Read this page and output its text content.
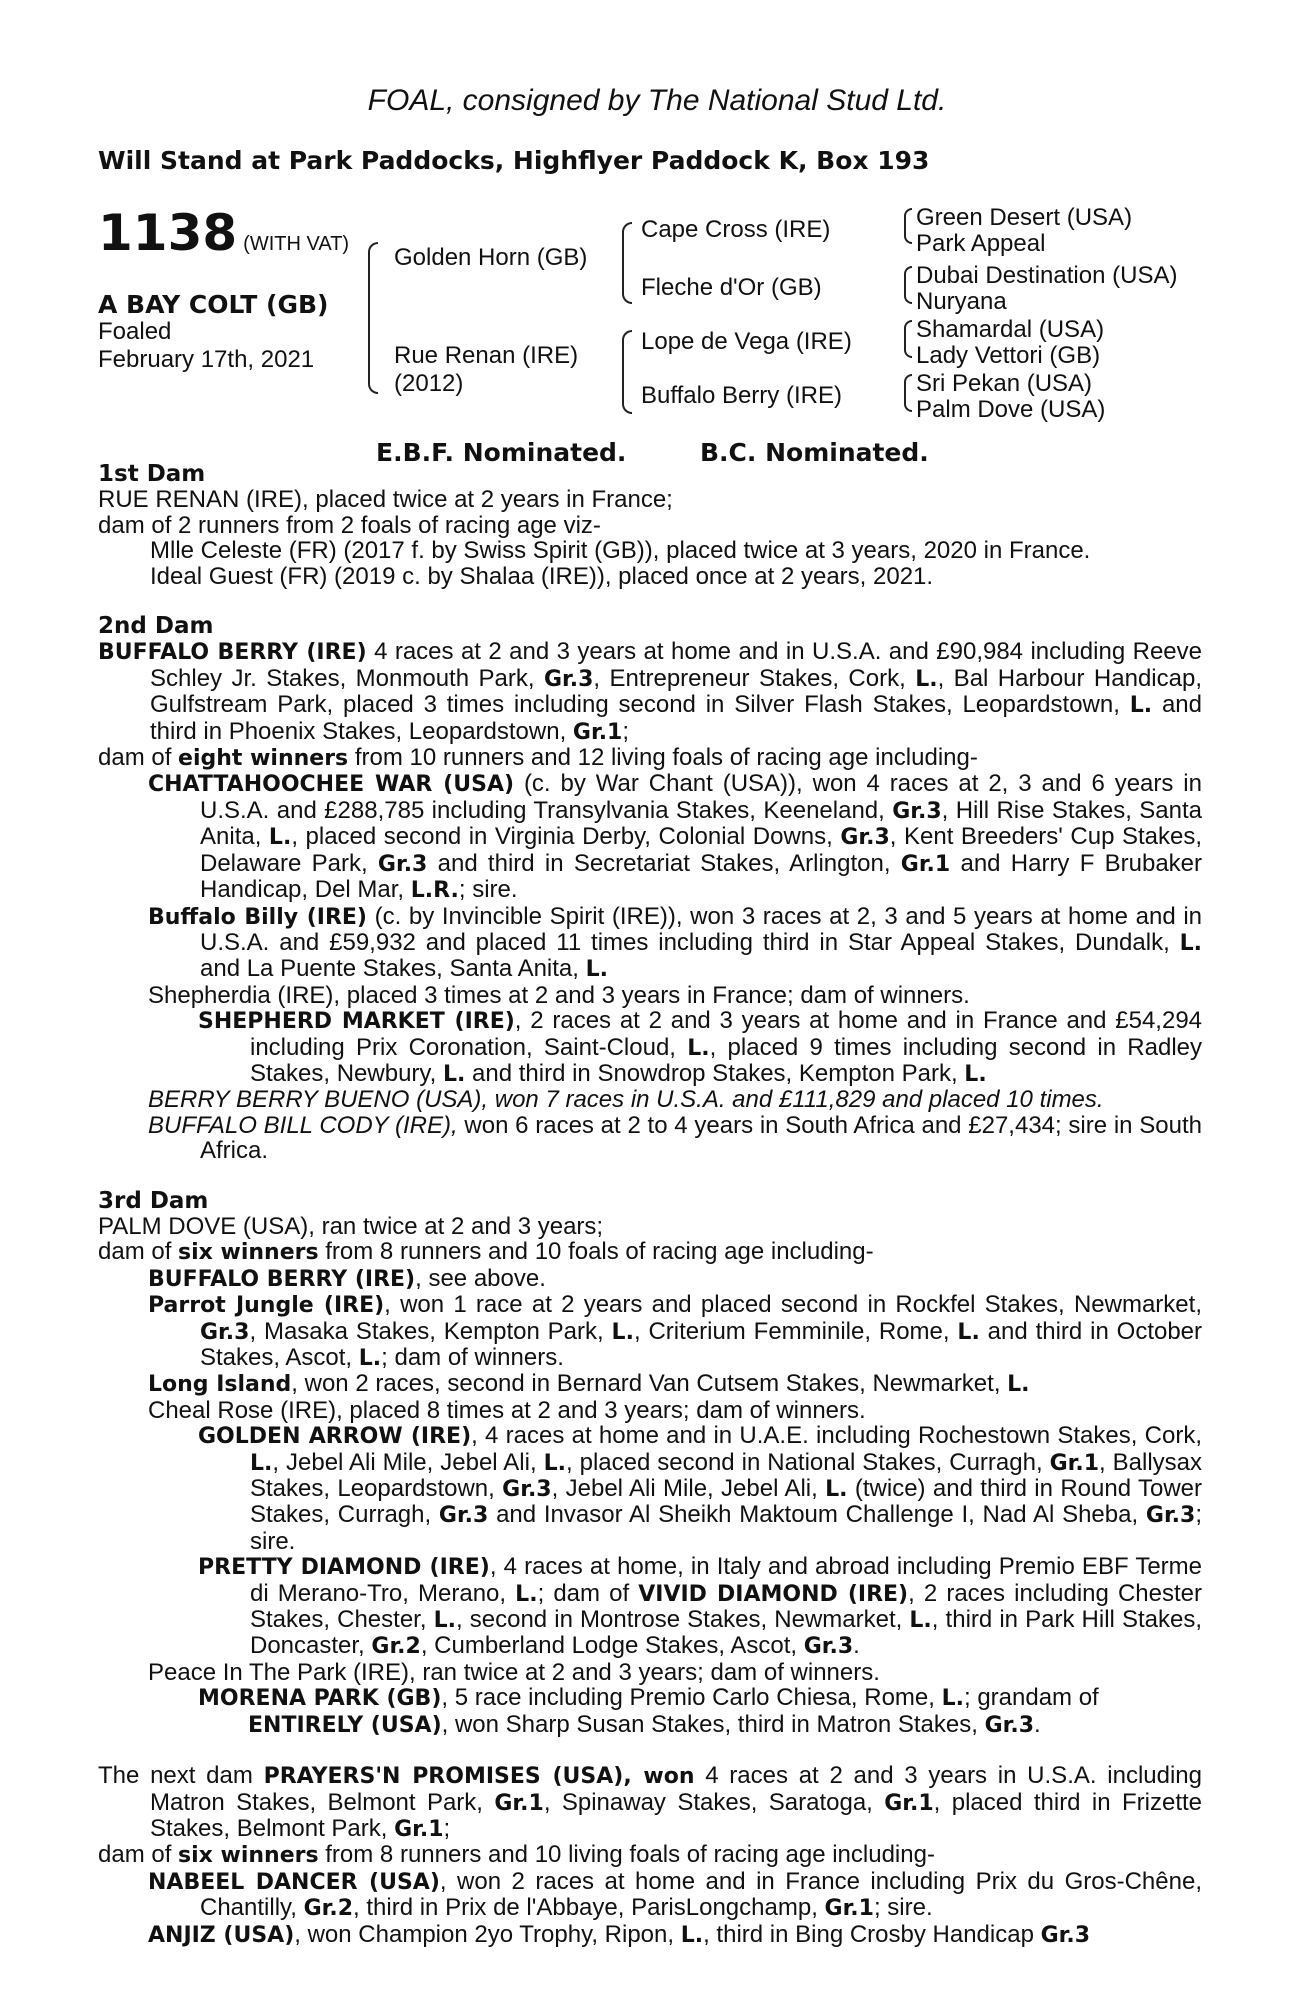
FOAL, consigned by The National Stud Ltd.
Will Stand at Park Paddocks, Highflyer Paddock K, Box 193
1138 (WITH VAT)
A BAY COLT (GB)
Foaled
February 17th, 2021
Golden Horn (GB)
Rue Renan (IRE)
(2012)
Cape Cross (IRE)
Fleche d'Or (GB)
Lope de Vega (IRE)
Buffalo Berry (IRE)
Green Desert (USA)
Park Appeal
Dubai Destination (USA)
Nuryana
Shamardal (USA)
Lady Vettori (GB)
Sri Pekan (USA)
Palm Dove (USA)
E.B.F. Nominated.	B.C. Nominated.

1st Dam

RUE RENAN (IRE), placed twice at 2 years in France;

dam of 2 runners from 2 foals of racing age viz-

Mlle Celeste (FR) (2017 f. by Swiss Spirit (GB)), placed twice at 3 years, 2020 in France.

Ideal Guest (FR) (2019 c. by Shalaa (IRE)), placed once at 2 years, 2021.

2nd Dam

BUFFALO BERRY (IRE) 4 races at 2 and 3 years at home and in U.S.A. and £90,984 including Reeve Schley Jr. Stakes, Monmouth Park, Gr.3, Entrepreneur Stakes, Cork, L., Bal Harbour Handicap, Gulfstream Park, placed 3 times including second in Silver Flash Stakes, Leopardstown, L. and third in Phoenix Stakes, Leopardstown, Gr.1;

dam of eight winners from 10 runners and 12 living foals of racing age including-

CHATTAHOOCHEE WAR (USA) (c. by War Chant (USA)), won 4 races at 2, 3 and 6 years in U.S.A. and £288,785 including Transylvania Stakes, Keeneland, Gr.3, Hill Rise Stakes, Santa Anita, L., placed second in Virginia Derby, Colonial Downs, Gr.3, Kent Breeders' Cup Stakes, Delaware Park, Gr.3 and third in Secretariat Stakes, Arlington, Gr.1 and Harry F Brubaker Handicap, Del Mar, L.R.; sire.

Buffalo Billy (IRE) (c. by Invincible Spirit (IRE)), won 3 races at 2, 3 and 5 years at home and in U.S.A. and £59,932 and placed 11 times including third in Star Appeal Stakes, Dundalk, L. and La Puente Stakes, Santa Anita, L.

Shepherdia (IRE), placed 3 times at 2 and 3 years in France; dam of winners.

SHEPHERD MARKET (IRE), 2 races at 2 and 3 years at home and in France and £54,294 including Prix Coronation, Saint-Cloud, L., placed 9 times including second in Radley Stakes, Newbury, L. and third in Snowdrop Stakes, Kempton Park, L.

BERRY BERRY BUENO (USA), won 7 races in U.S.A. and £111,829 and placed 10 times.

BUFFALO BILL CODY (IRE), won 6 races at 2 to 4 years in South Africa and £27,434; sire in South Africa.

3rd Dam

PALM DOVE (USA), ran twice at 2 and 3 years;

dam of six winners from 8 runners and 10 foals of racing age including-

BUFFALO BERRY (IRE), see above.

Parrot Jungle (IRE), won 1 race at 2 years and placed second in Rockfel Stakes, Newmarket, Gr.3, Masaka Stakes, Kempton Park, L., Criterium Femminile, Rome, L. and third in October Stakes, Ascot, L.; dam of winners.

Long Island, won 2 races, second in Bernard Van Cutsem Stakes, Newmarket, L.

Cheal Rose (IRE), placed 8 times at 2 and 3 years; dam of winners.

GOLDEN ARROW (IRE), 4 races at home and in U.A.E. including Rochestown Stakes, Cork, L., Jebel Ali Mile, Jebel Ali, L., placed second in National Stakes, Curragh, Gr.1, Ballysax Stakes, Leopardstown, Gr.3, Jebel Ali Mile, Jebel Ali, L. (twice) and third in Round Tower Stakes, Curragh, Gr.3 and Invasor Al Sheikh Maktoum Challenge I, Nad Al Sheba, Gr.3; sire.

PRETTY DIAMOND (IRE), 4 races at home, in Italy and abroad including Premio EBF Terme di Merano-Tro, Merano, L.; dam of VIVID DIAMOND (IRE), 2 races including Chester Stakes, Chester, L., second in Montrose Stakes, Newmarket, L., third in Park Hill Stakes, Doncaster, Gr.2, Cumberland Lodge Stakes, Ascot, Gr.3.

Peace In The Park (IRE), ran twice at 2 and 3 years; dam of winners.

MORENA PARK (GB), 5 race including Premio Carlo Chiesa, Rome, L.; grandam of

ENTIRELY (USA), won Sharp Susan Stakes, third in Matron Stakes, Gr.3.

The next dam PRAYERS'N PROMISES (USA), won 4 races at 2 and 3 years in U.S.A. including Matron Stakes, Belmont Park, Gr.1, Spinaway Stakes, Saratoga, Gr.1, placed third in Frizette Stakes, Belmont Park, Gr.1;

dam of six winners from 8 runners and 10 living foals of racing age including-

NABEEL DANCER (USA), won 2 races at home and in France including Prix du Gros-Chêne, Chantilly, Gr.2, third in Prix de l'Abbaye, ParisLongchamp, Gr.1; sire.

ANJIZ (USA), won Champion 2yo Trophy, Ripon, L., third in Bing Crosby Handicap Gr.3
